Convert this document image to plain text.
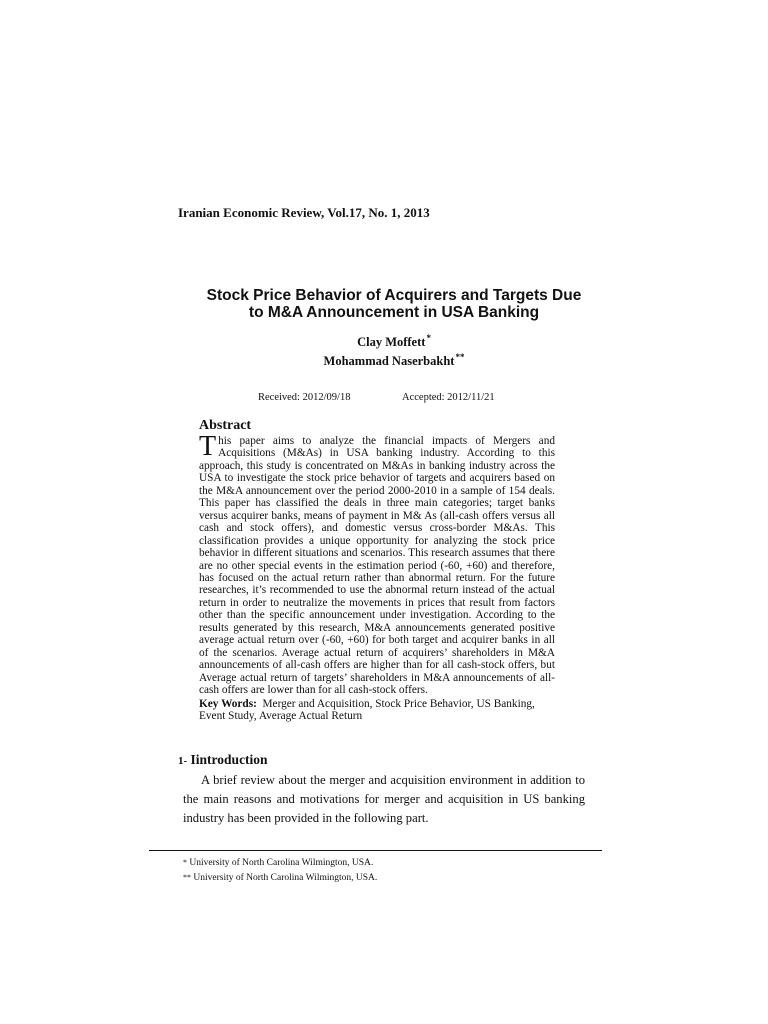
Iranian Economic Review, Vol.17, No. 1, 2013
Stock Price Behavior of Acquirers and Targets Due
to M&A Announcement in USA Banking
Clay Moffett*
Mohammad Naserbakht**
Received: 2012/09/18	Accepted: 2012/11/21
Abstract
This paper aims to analyze the financial impacts of Mergers and Acquisitions (M&As) in USA banking industry. According to this approach, this study is concentrated on M&As in banking industry across the USA to investigate the stock price behavior of targets and acquirers based on the M&A announcement over the period 2000-2010 in a sample of 154 deals. This paper has classified the deals in three main categories; target banks versus acquirer banks, means of payment in M& As (all-cash offers versus all cash and stock offers), and domestic versus cross-border M&As. This classification provides a unique opportunity for analyzing the stock price behavior in different situations and scenarios. This research assumes that there are no other special events in the estimation period (-60, +60) and therefore, has focused on the actual return rather than abnormal return. For the future researches, it’s recommended to use the abnormal return instead of the actual return in order to neutralize the movements in prices that result from factors other than the specific announcement under investigation. According to the results generated by this research, M&A announcements generated positive average actual return over (-60, +60) for both target and acquirer banks in all of the scenarios. Average actual return of acquirers’ shareholders in M&A announcements of all-cash offers are higher than for all cash-stock offers, but Average actual return of targets’ shareholders in M&A announcements of all-cash offers are lower than for all cash-stock offers.
Key Words: Merger and Acquisition, Stock Price Behavior, US Banking, Event Study, Average Actual Return
1- Iintroduction
A brief review about the merger and acquisition environment in addition to the main reasons and motivations for merger and acquisition in US banking industry has been provided in the following part.
* University of North Carolina Wilmington, USA.
** University of North Carolina Wilmington, USA.
